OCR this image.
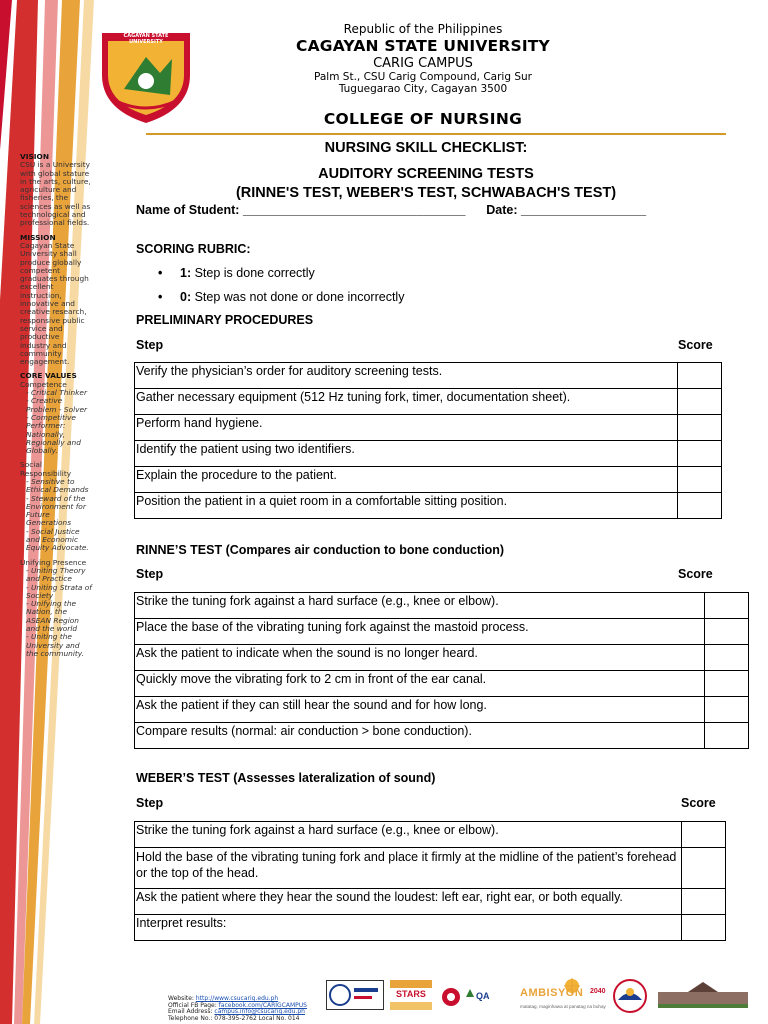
VISION
CSU is a University with global stature in the arts, culture, agriculture and fisheries, the sciences as well as technological and professional fields.
MISSION
Cagayan State University shall produce globally competent graduates through excellent instruction, innovative and creative research, responsive public service and productive industry and community engagement.
CORE VALUES
Competence
- Critical Thinker
- Creative Problem - Solver
- Competitive Performer: Nationally, Regionally and Globally.
Social Responsibility
- Sensitive to Ethical Demands
- Steward of the Environment for Future Generations
- Social Justice and Economic Equity Advocate.
Unifying Presence
- Uniting Theory and Practice
- Uniting Strata of Society
- Unifying the Nation, the ASEAN Region and the world
- Uniting the University and the community.
CAGAYAN STATE UNIVERSITY
Republic of the Philippines
CAGAYAN STATE UNIVERSITY
CARIG CAMPUS
Palm St., CSU Carig Compound, Carig Sur
Tuguegarao City, Cagayan 3500
COLLEGE OF NURSING
NURSING SKILL CHECKLIST:
AUDITORY SCREENING TESTS
(RINNE'S TEST, WEBER'S TEST, SCHWABACH'S TEST)
Name of Student: ________________________________      Date: __________________
SCORING RUBRIC:
• 1: Step is done correctly
• 0: Step was not done or done incorrectly
PRELIMINARY PROCEDURES
Step	Score
Verify the physician’s order for auditory screening tests.	
Gather necessary equipment (512 Hz tuning fork, timer, documentation sheet).	
Perform hand hygiene.	
Identify the patient using two identifiers.	
Explain the procedure to the patient.	
Position the patient in a quiet room in a comfortable sitting position.	
RINNE’S TEST (Compares air conduction to bone conduction)
Step	Score
Strike the tuning fork against a hard surface (e.g., knee or elbow).	
Place the base of the vibrating tuning fork against the mastoid process.	
Ask the patient to indicate when the sound is no longer heard.	
Quickly move the vibrating fork to 2 cm in front of the ear canal.	
Ask the patient if they can still hear the sound and for how long.	
Compare results (normal: air conduction > bone conduction).	
WEBER’S TEST (Assesses lateralization of sound)
Step	Score
Strike the tuning fork against a hard surface (e.g., knee or elbow).	
Hold the base of the vibrating tuning fork and place it firmly at the midline of the patient’s forehead or the top of the head.	
Ask the patient where they hear the sound the loudest: left ear, right ear, or both equally.	
Interpret results:	
Website: http://www.csucarig.edu.ph
Official FB Page: facebook.com/CARIGCAMPUS
Email Address: campus.info@csucarig.edu.ph
Telephone No.: 078-395-2762 Local No. 014
STARS	QA	AMBISYON 2040
matatag, maginhawa at panatag na buhay
